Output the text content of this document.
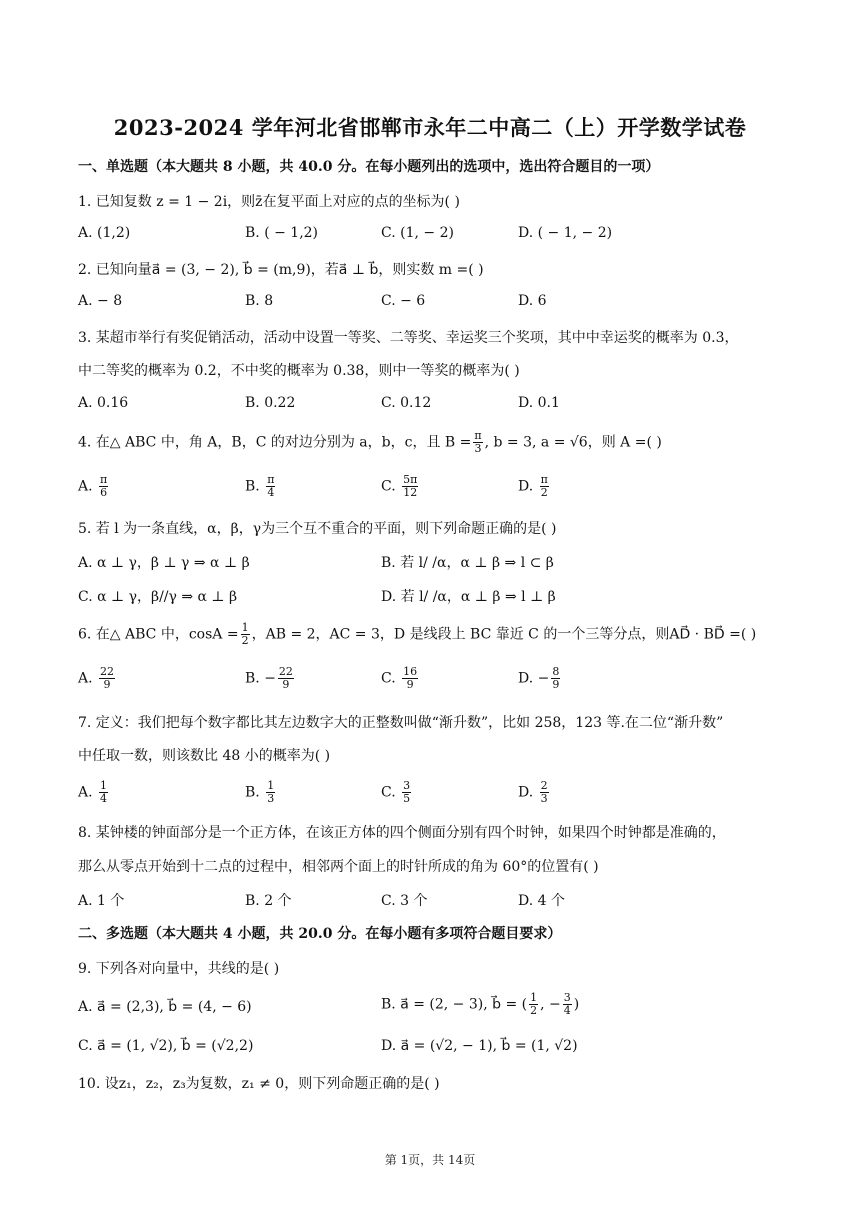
2023-2024 学年河北省邯郸市永年二中高二（上）开学数学试卷
一、单选题（本大题共 8 小题，共 40.0 分。在每小题列出的选项中，选出符合题目的一项）
1. 已知复数 z = 1 − 2i，则z̄在复平面上对应的点的坐标为( )
A. (1,2)	B. ( − 1,2)	C. (1, − 2)	D. ( − 1, − 2)
2. 已知向量a⃗ = (3, − 2), b⃗ = (m,9)，若a⃗ ⊥ b⃗，则实数 m =( )
A. − 8	B. 8	C. − 6	D. 6
3. 某超市举行有奖促销活动，活动中设置一等奖、二等奖、幸运奖三个奖项，其中中幸运奖的概率为 0.3，
中二等奖的概率为 0.2，不中奖的概率为 0.38，则中一等奖的概率为( )
A. 0.16	B. 0.22	C. 0.12	D. 0.1
4. 在△ ABC 中，角 A，B，C 的对边分别为 a，b，c，且 $B = \frac{\pi}{3}$ , b = 3, a = √6，则 A =( )
A. $\frac{\pi}{6}$	B. $\frac{\pi}{4}$	C. $\frac{5\pi}{12}$	D. $\frac{\pi}{2}$
5. 若 l 为一条直线，α，β，γ为三个互不重合的平面，则下列命题正确的是( )
A. α ⊥ γ，β ⊥ γ ⇒ α ⊥ β	B. 若 l/ /α，α ⊥ β ⇒ l ⊂ β
C. α ⊥ γ，β//γ ⇒ α ⊥ β	D. 若 l/ /α，α ⊥ β ⇒ l ⊥ β
6. 在△ ABC 中，$\cos A = \frac{1}{2}$ ，AB = 2，AC = 3，D 是线段上 BC 靠近 C 的一个三等分点，则AD⃗ · BD⃗ =( )
A. $\frac{22}{9}$	B. − $\frac{22}{9}$	C. $\frac{16}{9}$	D. − $\frac{8}{9}$
7. 定义：我们把每个数字都比其左边数字大的正整数叫做“渐升数”，比如 258，123 等.在二位“渐升数”
中任取一数，则该数比 48 小的概率为( )
A. $\frac{1}{4}$	B. $\frac{1}{3}$	C. $\frac{3}{5}$	D. $\frac{2}{3}$
8. 某钟楼的钟面部分是一个正方体，在该正方体的四个侧面分别有四个时钟，如果四个时钟都是准确的，
那么从零点开始到十二点的过程中，相邻两个面上的时针所成的角为 60°的位置有( )
A. 1 个	B. 2 个	C. 3 个	D. 4 个
二、多选题（本大题共 4 小题，共 20.0 分。在每小题有多项符合题目要求）
9. 下列各对向量中，共线的是( )
A. a⃗ = (2,3), b⃗ = (4, − 6)	B. a⃗ = (2, − 3), b⃗ = ( $\frac{1}{2}$ , − $\frac{3}{4}$ )
C. a⃗ = (1, √2), b⃗ = (√2,2)	D. a⃗ = (√2, − 1), b⃗ = (1, √2)
10. 设z₁，z₂，z₃为复数，z₁ ≠ 0，则下列命题正确的是( )
第 1页，共 14页
